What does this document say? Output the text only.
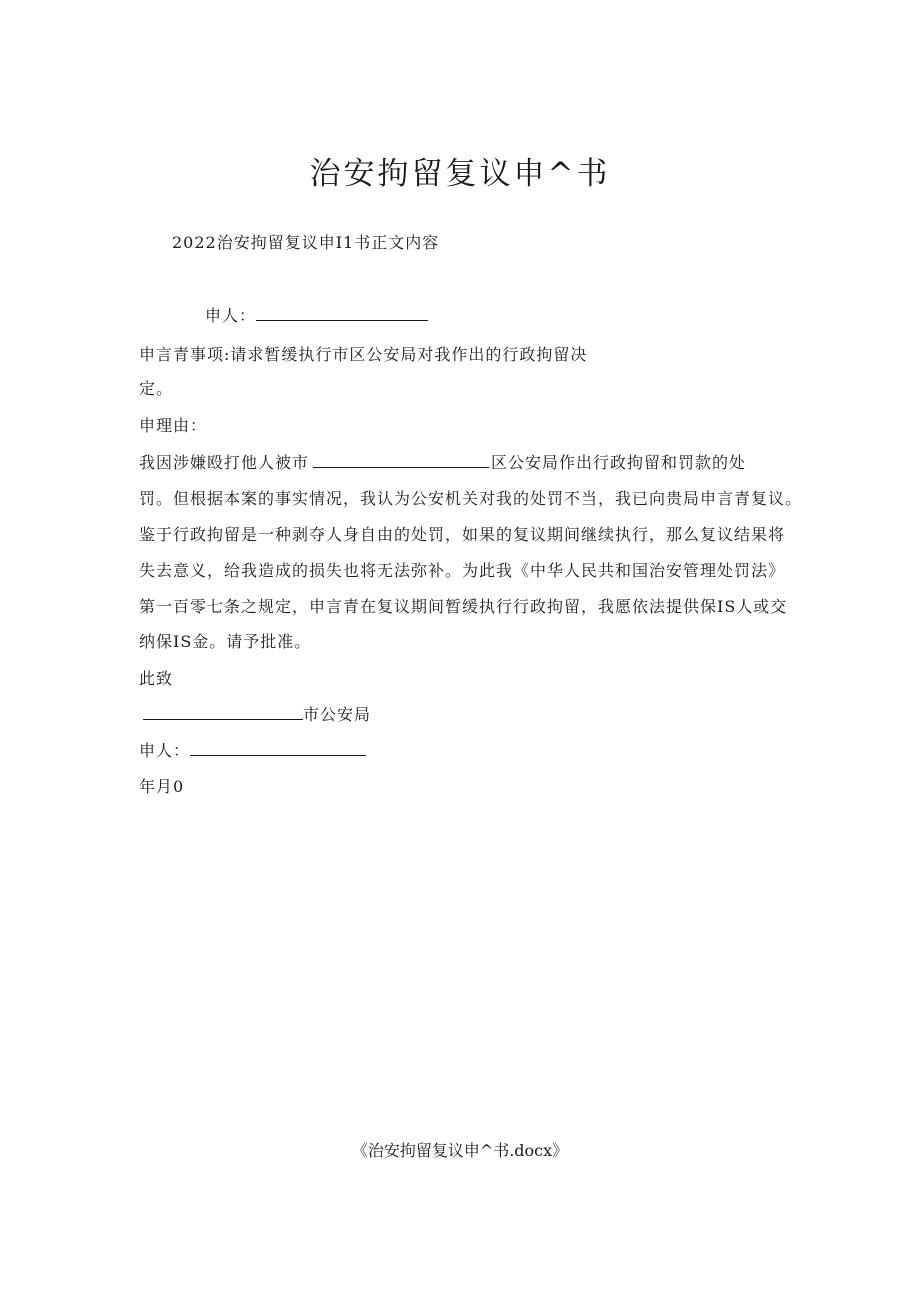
治安拘留复议申^书
2022治安拘留复议申I1书正文内容
申人：
申言青事项:请求暂缓执行市区公安局对我作出的行政拘留决
定。
申理由：
我因涉嫌殴打他人被市	区公安局作出行政拘留和罚款的处
罚。但根据本案的事实情况，我认为公安机关对我的处罚不当，我已向贵局申言青复议。
鉴于行政拘留是一种剥夺人身自由的处罚，如果的复议期间继续执行，那么复议结果将
失去意义，给我造成的损失也将无法弥补。为此我《中华人民共和国治安管理处罚法》
第一百零七条之规定，申言青在复议期间暂缓执行行政拘留，我愿依法提供保IS人或交
纳保IS金。请予批准。
此致
市公安局
申人：
年月0
《治安拘留复议申^书.docx》
